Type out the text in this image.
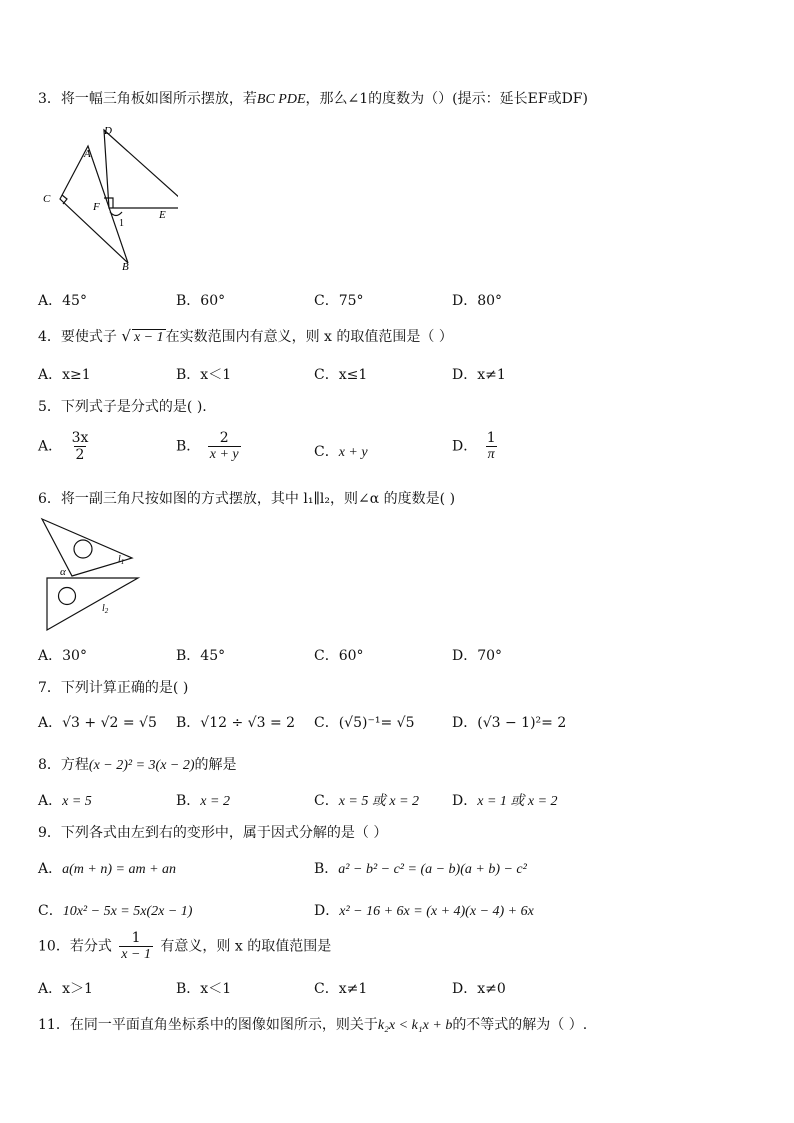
3．将一幅三角板如图所示摆放，若BC PDE，那么∠1的度数为（）(提示：延长EF或DF)
D
A
C
F
E
B
1
A．45°	B．60°	C．75°	D．80°
4．要使式子 √ x − 1 在实数范围内有意义，则 x 的取值范围是（ ）
A．x≥1	B．x＜1	C．x≤1	D．x≠1
5．下列式子是分式的是( ).
A． $\frac{3x}{2}$	B． $\frac{2}{x + y}$	C．x + y	D． $\frac{1}{\pi}$
6．将一副三角尺按如图的方式摆放，其中 l₁∥l₂，则∠α 的度数是( )
α
$l_1$
$l_2$
A．30°	B．45°	C．60°	D．70°
7．下列计算正确的是( )
A．√3 + √2 = √5 B．√12 ÷ √3 = 2 C．(√5)⁻¹= √5	D．(√3 − 1)²= 2
8．方程(x − 2)² = 3(x − 2)的解是
A．x = 5	B．x = 2	C．x = 5 或 x = 2 D．x = 1 或 x = 2
9．下列各式由左到右的变形中，属于因式分解的是（ ）
A．a(m + n) = am + an	B．a² − b² − c² = (a − b)(a + b) − c²
C．10x² − 5x = 5x(2x − 1)	D．x² − 16 + 6x = (x + 4)(x − 4) + 6x
10．若分式 $\frac{1}{x - 1}$ 有意义，则 x 的取值范围是
A．x＞1	B．x＜1	C．x≠1	D．x≠0
11．在同一平面直角坐标系中的图像如图所示，则关于k₂x < k₁x + b的不等式的解为（ ）.
